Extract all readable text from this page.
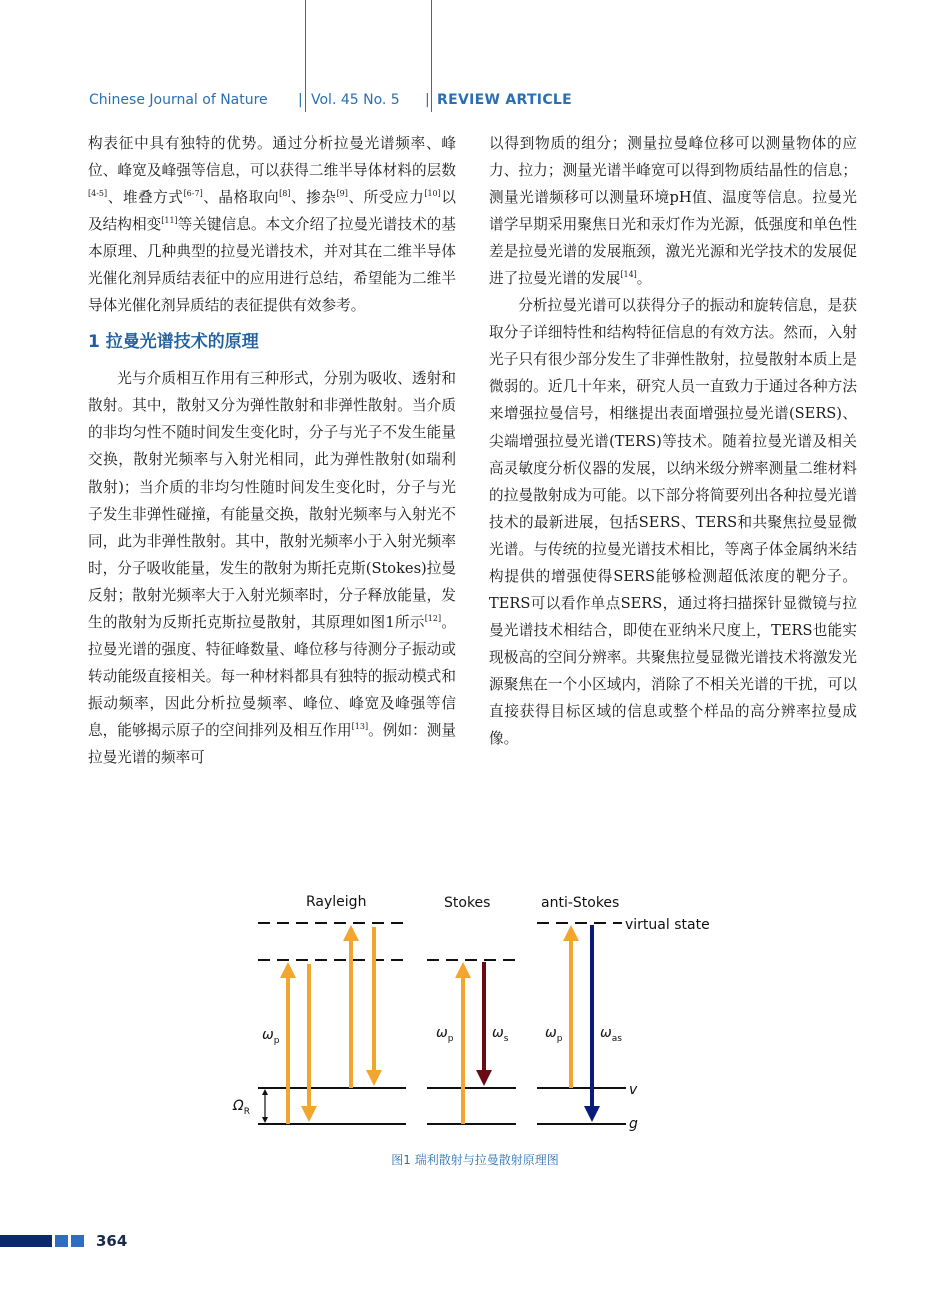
Chinese Journal of Nature | Vol. 45 No. 5 | REVIEW ARTICLE

构表征中具有独特的优势。通过分析拉曼光谱频率、峰位、峰宽及峰强等信息，可以获得二维半导体材料的层数[4-5]、堆叠方式[6-7]、晶格取向[8]、掺杂[9]、所受应力[10]以及结构相变[11]等关键信息。本文介绍了拉曼光谱技术的基本原理、几种典型的拉曼光谱技术，并对其在二维半导体光催化剂异质结表征中的应用进行总结，希望能为二维半导体光催化剂异质结的表征提供有效参考。

1 拉曼光谱技术的原理

光与介质相互作用有三种形式，分别为吸收、透射和散射。其中，散射又分为弹性散射和非弹性散射。当介质的非均匀性不随时间发生变化时，分子与光子不发生能量交换，散射光频率与入射光相同，此为弹性散射(如瑞利散射)；当介质的非均匀性随时间发生变化时，分子与光子发生非弹性碰撞，有能量交换，散射光频率与入射光不同，此为非弹性散射。其中，散射光频率小于入射光频率时，分子吸收能量，发生的散射为斯托克斯(Stokes)拉曼反射；散射光频率大于入射光频率时，分子释放能量，发生的散射为反斯托克斯拉曼散射，其原理如图1所示[12]。拉曼光谱的强度、特征峰数量、峰位移与待测分子振动或转动能级直接相关。每一种材料都具有独特的振动模式和振动频率，因此分析拉曼频率、峰位、峰宽及峰强等信息，能够揭示原子的空间排列及相互作用[13]。例如：测量拉曼光谱的频率可

以得到物质的组分；测量拉曼峰位移可以测量物体的应力、拉力；测量光谱半峰宽可以得到物质结晶性的信息；测量光谱频移可以测量环境pH值、温度等信息。拉曼光谱学早期采用聚焦日光和汞灯作为光源，低强度和单色性差是拉曼光谱的发展瓶颈，激光光源和光学技术的发展促进了拉曼光谱的发展[14]。

分析拉曼光谱可以获得分子的振动和旋转信息，是获取分子详细特性和结构特征信息的有效方法。然而，入射光子只有很少部分发生了非弹性散射，拉曼散射本质上是微弱的。近几十年来，研究人员一直致力于通过各种方法来增强拉曼信号，相继提出表面增强拉曼光谱(SERS)、尖端增强拉曼光谱(TERS)等技术。随着拉曼光谱及相关高灵敏度分析仪器的发展，以纳米级分辨率测量二维材料的拉曼散射成为可能。以下部分将简要列出各种拉曼光谱技术的最新进展，包括SERS、TERS和共聚焦拉曼显微光谱。与传统的拉曼光谱技术相比，等离子体金属纳米结构提供的增强使得SERS能够检测超低浓度的靶分子。TERS可以看作单点SERS，通过将扫描探针显微镜与拉曼光谱技术相结合，即使在亚纳米尺度上，TERS也能实现极高的空间分辨率。共聚焦拉曼显微光谱技术将激发光源聚焦在一个小区域内，消除了不相关光谱的干扰，可以直接获得目标区域的信息或整个样品的高分辨率拉曼成像。

Rayleigh	Stokes	anti-Stokes
virtual state
v
g
$\Omega_R$
$\omega_p$	$\omega_p$	$\omega_s$	$\omega_p$	$\omega_{as}$
图1 瑞利散射与拉曼散射原理图
364
